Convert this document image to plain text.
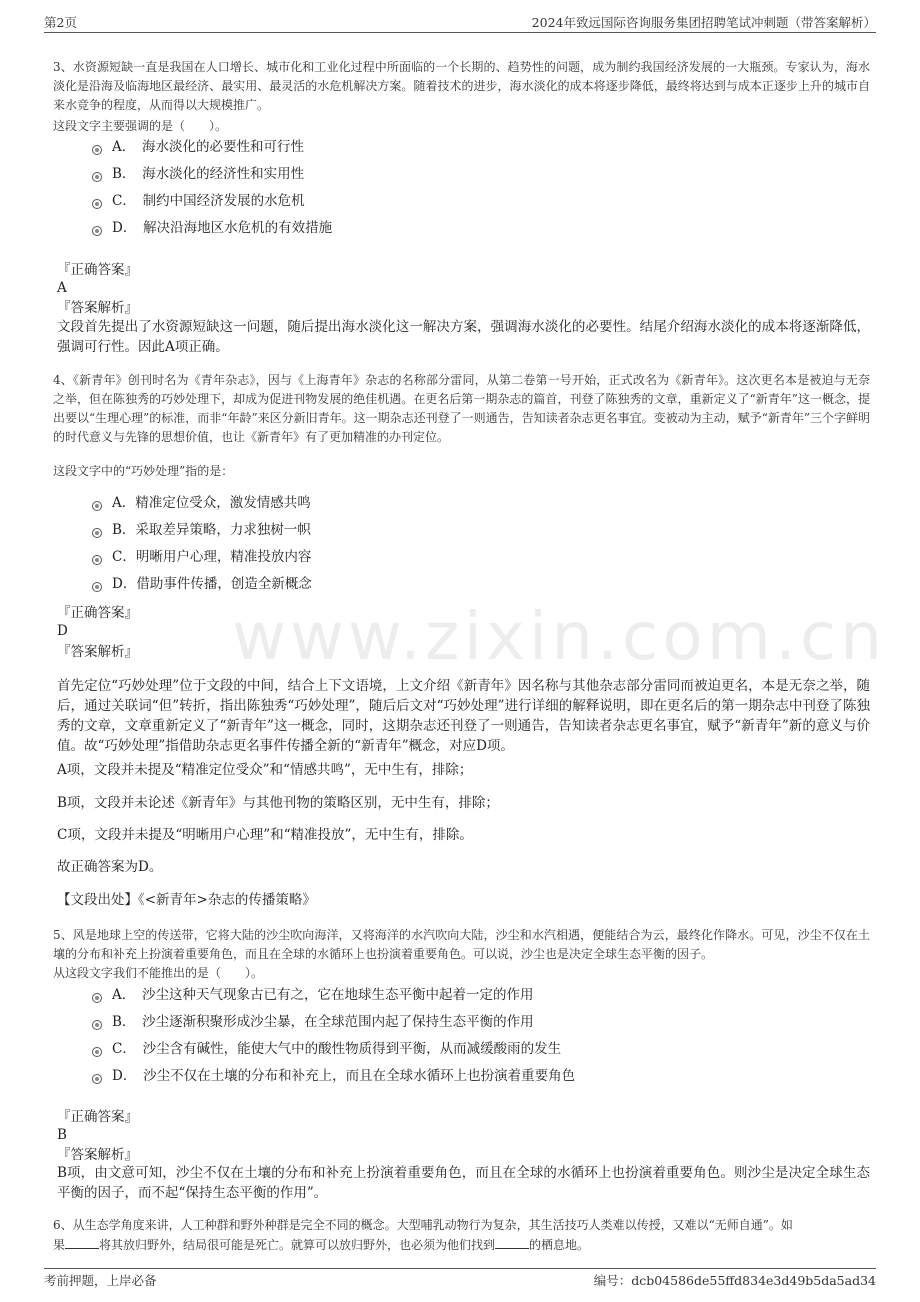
第2页	2024年致远国际咨询服务集团招聘笔试冲刺题（带答案解析）
www.zixin.com.cn
3、水资源短缺一直是我国在人口增长、城市化和工业化过程中所面临的一个长期的、趋势性的问题，成为制约我国经济发展的一大瓶颈。专家认为，海水淡化是沿海及临海地区最经济、最实用、最灵活的水危机解决方案。随着技术的进步，海水淡化的成本将逐步降低，最终将达到与成本正逐步上升的城市自来水竞争的程度，从而得以大规模推广。
这段文字主要强调的是（　　）。
A．　海水淡化的必要性和可行性
B．　海水淡化的经济性和实用性
C．　制约中国经济发展的水危机
D．　解决沿海地区水危机的有效措施
『正确答案』
A
『答案解析』
文段首先提出了水资源短缺这一问题，随后提出海水淡化这一解决方案，强调海水淡化的必要性。结尾介绍海水淡化的成本将逐渐降低，强调可行性。因此A项正确。
4、《新青年》创刊时名为《青年杂志》，因与《上海青年》杂志的名称部分雷同，从第二卷第一号开始，正式改名为《新青年》。这次更名本是被迫与无奈之举，但在陈独秀的巧妙处理下，却成为促进刊物发展的绝佳机遇。在更名后第一期杂志的篇首，刊登了陈独秀的文章，重新定义了“新青年”这一概念，提出要以“生理心理”的标准，而非“年龄”来区分新旧青年。这一期杂志还刊登了一则通告，告知读者杂志更名事宜。变被动为主动，赋予“新青年”三个字鲜明的时代意义与先锋的思想价值，也让《新青年》有了更加精准的办刊定位。
这段文字中的“巧妙处理”指的是：
A．精准定位受众，激发情感共鸣
B．采取差异策略，力求独树一帜
C．明晰用户心理，精准投放内容
D．借助事件传播，创造全新概念
『正确答案』
D
『答案解析』
首先定位“巧妙处理”位于文段的中间，结合上下文语境，上文介绍《新青年》因名称与其他杂志部分雷同而被迫更名，本是无奈之举，随后，通过关联词“但”转折，指出陈独秀“巧妙处理”，随后后文对“巧妙处理”进行详细的解释说明，即在更名后的第一期杂志中刊登了陈独秀的文章，文章重新定义了“新青年”这一概念，同时，这期杂志还刊登了一则通告，告知读者杂志更名事宜，赋予“新青年”新的意义与价值。故“巧妙处理”指借助杂志更名事件传播全新的“新青年”概念，对应D项。
A项，文段并未提及“精准定位受众”和“情感共鸣”，无中生有，排除；
B项，文段并未论述《新青年》与其他刊物的策略区别，无中生有，排除；
C项，文段并未提及“明晰用户心理”和“精准投放”，无中生有，排除。
故正确答案为D。
【文段出处】《<新青年>杂志的传播策略》
5、风是地球上空的传送带，它将大陆的沙尘吹向海洋，又将海洋的水汽吹向大陆，沙尘和水汽相遇，便能结合为云，最终化作降水。可见，沙尘不仅在土壤的分布和补充上扮演着重要角色，而且在全球的水循环上也扮演着重要角色。可以说，沙尘也是决定全球生态平衡的因子。
从这段文字我们不能推出的是（　　）。
A．　沙尘这种天气现象古已有之，它在地球生态平衡中起着一定的作用
B．　沙尘逐渐积聚形成沙尘暴，在全球范围内起了保持生态平衡的作用
C．　沙尘含有碱性，能使大气中的酸性物质得到平衡，从而减缓酸雨的发生
D．　沙尘不仅在土壤的分布和补充上，而且在全球水循环上也扮演着重要角色
『正确答案』
B
『答案解析』
B项，由文意可知，沙尘不仅在土壤的分布和补充上扮演着重要角色，而且在全球的水循环上也扮演着重要角色。则沙尘是决定全球生态平衡的因子，而不起“保持生态平衡的作用”。
6、从生态学角度来讲，人工种群和野外种群是完全不同的概念。大型哺乳动物行为复杂，其生活技巧人类难以传授，又难以“无师自通”。如
果	将其放归野外，结局很可能是死亡。就算可以放归野外，也必须为他们找到	的栖息地。
考前押题，上岸必备	编号：dcb04586de55ffd834e3d49b5da5ad34
